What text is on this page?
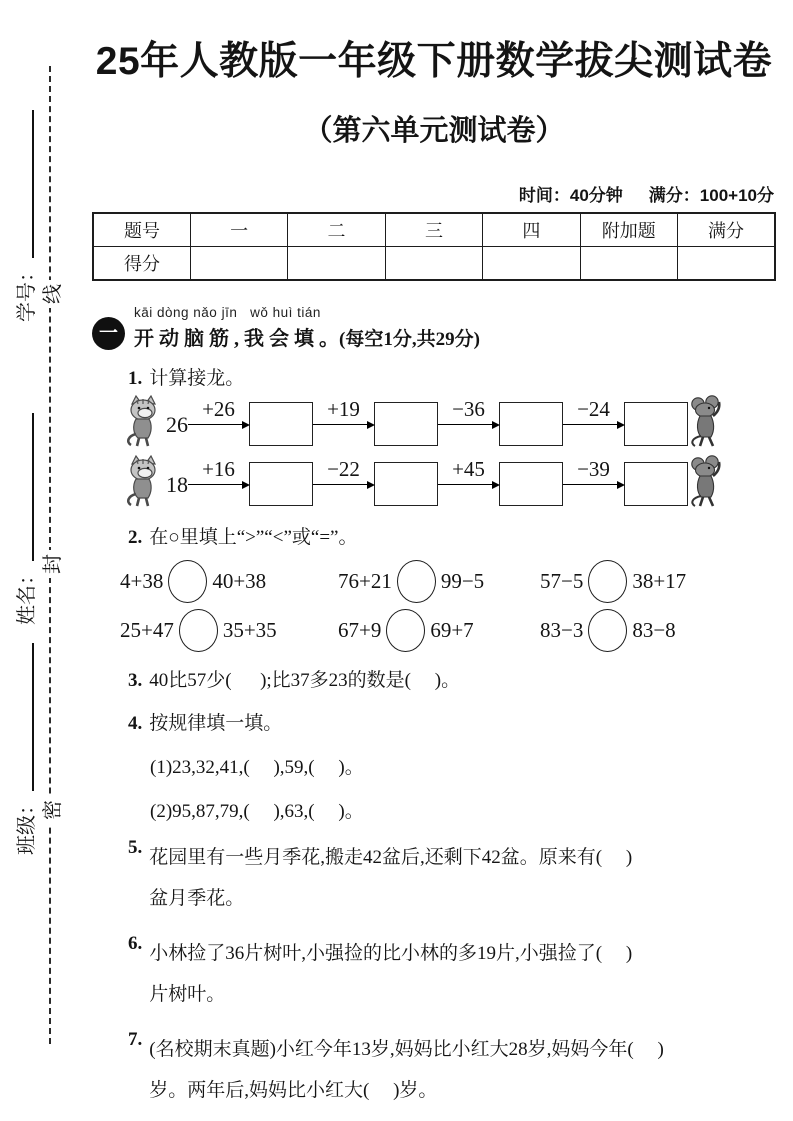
学号：
姓名：
班级：
线
封
密
25年人教版一年级下册数学拔尖测试卷
（第六单元测试卷）
时间：40分钟 满分：100+10分
题号	一	二	三	四	附加题	满分
得分						
一
kāi dòng nǎo jīn   wǒ huì tián
开 动 脑 筋 , 我 会 填 。(每空1分,共29分)
1. 计算接龙。
26
+26	+19	−36	−24
18
+16	−22	+45	−39
2. 在○里填上“>”“<”或“=”。
4+38 40+38	76+21 99−5	57−5 38+17
25+47 35+35	67+9 69+7	83−3 83−8
3. 40比57少(      );比37多23的数是(     )。
4. 按规律填一填。
(1)23,32,41,(     ),59,(     )。
(2)95,87,79,(     ),63,(     )。
5. 花园里有一些月季花,搬走42盆后,还剩下42盆。原来有(     )
盆月季花。
6. 小林捡了36片树叶,小强捡的比小林的多19片,小强捡了(     )
片树叶。
7. (名校期末真题)小红今年13岁,妈妈比小红大28岁,妈妈今年(     )
岁。两年后,妈妈比小红大(     )岁。
